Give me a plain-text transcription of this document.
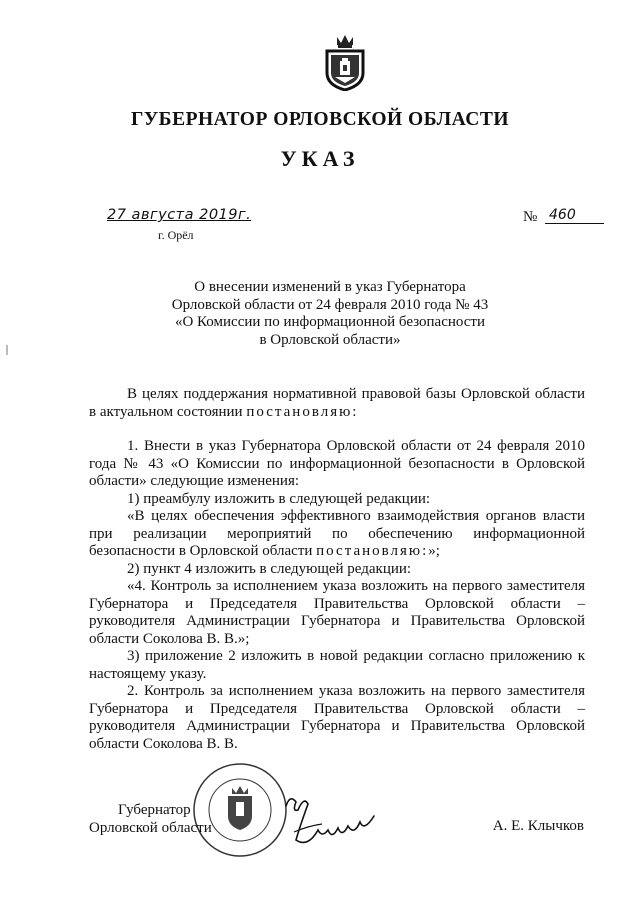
ГУБЕРНАТОР ОРЛОВСКОЙ ОБЛАСТИ
УКАЗ
27 августа 2019г.
г. Орёл
№ 460
О внесении изменений в указ Губернатора
Орловской области от 24 февраля 2010 года № 43
«О Комиссии по информационной безопасности
в Орловской области»

В целях поддержания нормативной правовой базы Орловской области в актуальном состоянии постановляю:

1. Внести в указ Губернатора Орловской области от 24 февраля 2010 года № 43 «О Комиссии по информационной безопасности в Орловской области» следующие изменения:

1) преамбулу изложить в следующей редакции:

«В целях обеспечения эффективного взаимодействия органов власти при реализации мероприятий по обеспечению информационной безопасности в Орловской области постановляю:»;

2) пункт 4 изложить в следующей редакции:

«4. Контроль за исполнением указа возложить на первого заместителя Губернатора и Председателя Правительства Орловской области – руководителя Администрации Губернатора и Правительства Орловской области Соколова В. В.»;

3) приложение 2 изложить в новой редакции согласно приложению к настоящему указу.

2. Контроль за исполнением указа возложить на первого заместителя Губернатора и Председателя Правительства Орловской области – руководителя Администрации Губернатора и Правительства Орловской области Соколова В. В.

Губернатор
Орловской области	А. Е. Клычков
